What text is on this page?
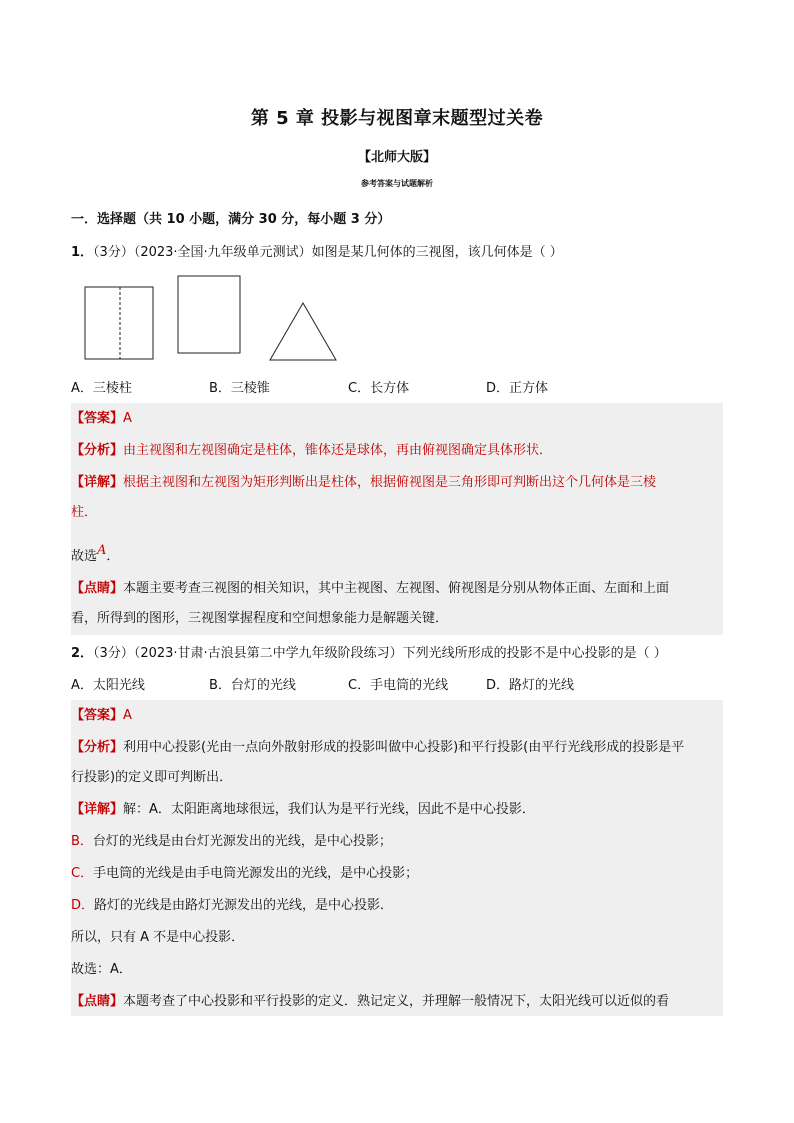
第 5 章 投影与视图章末题型过关卷
【北师大版】
参考答案与试题解析
一．选择题（共 10 小题，满分 30 分，每小题 3 分）
1．（3分）（2023·全国·九年级单元测试）如图是某几何体的三视图，该几何体是（ ）
A．三棱柱	B．三棱锥	C．长方体	D．正方体
【答案】A
【分析】由主视图和左视图确定是柱体，锥体还是球体，再由俯视图确定具体形状．
【详解】根据主视图和左视图为矩形判断出是柱体，根据俯视图是三角形即可判断出这个几何体是三棱
柱．
故选A．
【点睛】本题主要考查三视图的相关知识，其中主视图、左视图、俯视图是分别从物体正面、左面和上面
看，所得到的图形，三视图掌握程度和空间想象能力是解题关键．
2．（3分）（2023·甘肃·古浪县第二中学九年级阶段练习）下列光线所形成的投影不是中心投影的是（ ）
A．太阳光线	B．台灯的光线	C．手电筒的光线	D．路灯的光线
【答案】A
【分析】利用中心投影(光由一点向外散射形成的投影叫做中心投影)和平行投影(由平行光线形成的投影是平
行投影)的定义即可判断出．
【详解】解：A．太阳距离地球很远，我们认为是平行光线，因此不是中心投影．
B．台灯的光线是由台灯光源发出的光线，是中心投影；
C．手电筒的光线是由手电筒光源发出的光线，是中心投影；
D．路灯的光线是由路灯光源发出的光线，是中心投影．
所以，只有 A 不是中心投影．
故选：A．
【点睛】本题考查了中心投影和平行投影的定义．熟记定义，并理解一般情况下，太阳光线可以近似的看
